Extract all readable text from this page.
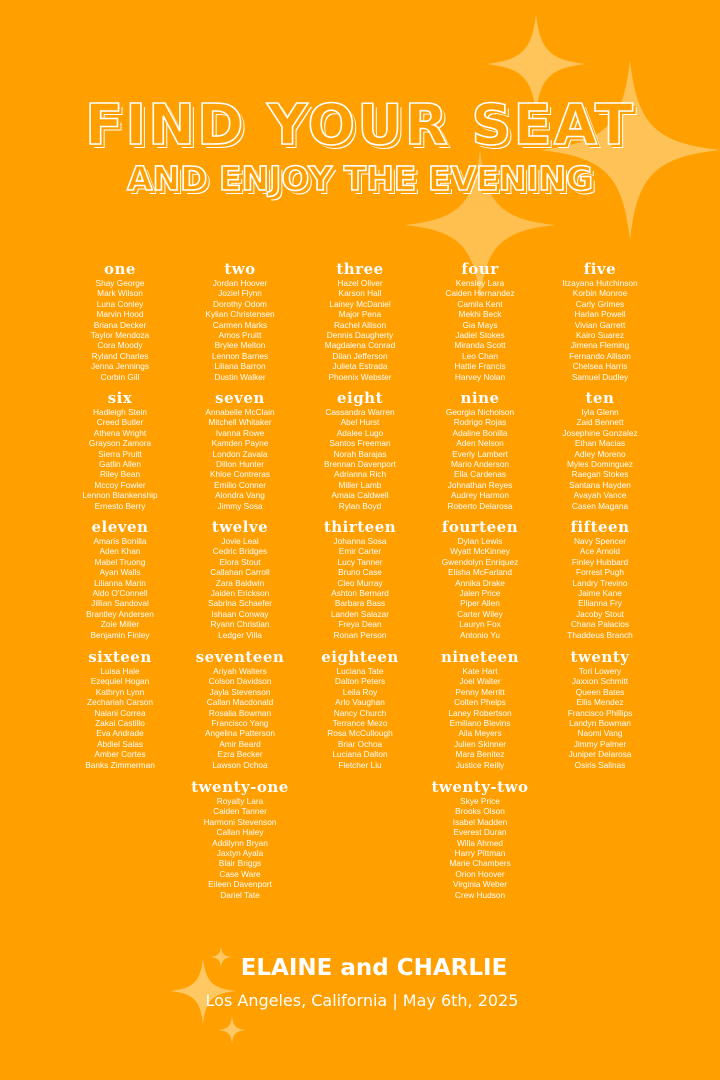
FIND YOUR SEAT
AND ENJOY THE EVENING
one
Shay George
Mark Wilson
Luna Conley
Marvin Hood
Briana Decker
Taylor Mendoza
Cora Moody
Ryland Charles
Jenna Jennings
Corbin Gill
two
Jordan Hoover
Joziel Flynn
Dorothy Odom
Kylian Christensen
Carmen Marks
Amos Pruitt
Brylee Melton
Lennon Barnes
Liliana Barron
Dustin Walker
three
Hazel Oliver
Karson Hall
Lainey McDaniel
Major Pena
Rachel Allison
Dennis Daugherty
Magdalena Conrad
Dilan Jefferson
Julieta Estrada
Phoenix Webster
four
Kensley Lara
Caiden Hernandez
Camila Kent
Mekhi Beck
Gia Mays
Jadiel Stokes
Miranda Scott
Leo Chan
Hattie Francis
Harvey Nolan
five
Itzayana Hutchinson
Korbin Monroe
Carly Grimes
Harlan Powell
Vivian Garrett
Kairo Suarez
Jimena Fleming
Fernando Allison
Chelsea Harris
Samuel Dudley
six
Hadleigh Stein
Creed Butler
Athena Wright
Grayson Zamora
Sierra Pruitt
Gatlin Allen
Riley Bean
Mccoy Fowler
Lennon Blankenship
Ernesto Berry
seven
Annabelle McClain
Mitchell Whitaker
Ivanna Rowe
Kamden Payne
London Zavala
Dillon Hunter
Khloe Contreras
Emilio Conner
Alondra Vang
Jimmy Sosa
eight
Cassandra Warren
Abel Hurst
Adalee Lugo
Santos Freeman
Norah Barajas
Brennan Davenport
Adrianna Rich
Miller Lamb
Amaia Caldwell
Rylan Boyd
nine
Georgia Nicholson
Rodrigo Rojas
Adaline Bonilla
Aden Nelson
Everly Lambert
Mario Anderson
Ella Cardenas
Johnathan Reyes
Audrey Harmon
Roberto Delarosa
ten
Iyla Glenn
Zaid Bennett
Josephine Gonzalez
Ethan Macias
Adley Moreno
Myles Dominguez
Raegan Stokes
Santana Hayden
Avayah Vance
Casen Magana
eleven
Amaris Bonilla
Aden Khan
Mabel Truong
Ayan Walls
Lilianna Marin
Aldo O'Connell
Jillian Sandoval
Brantley Andersen
Zoie Miller
Benjamin Finley
twelve
Jovie Leal
Cedric Bridges
Elora Stout
Callahan Carroll
Zara Baldwin
Jaiden Erickson
Sabrina Schaefer
Ishaan Conway
Ryann Christian
Ledger Villa
thirteen
Johanna Sosa
Emir Carter
Lucy Tanner
Bruno Case
Cleo Murray
Ashton Bernard
Barbara Bass
Landen Salazar
Freya Dean
Ronan Person
fourteen
Dylan Lewis
Wyatt McKinney
Gwendolyn Enriquez
Elisha McFarland
Annika Drake
Jalen Price
Piper Allen
Carter Wiley
Lauryn Fox
Antonio Yu
fifteen
Navy Spencer
Ace Arnold
Finley Hubbard
Forrest Pugh
Landry Trevino
Jaime Kane
Ellianna Fry
Jacoby Stout
Chana Palacios
Thaddeus Branch
sixteen
Luisa Hale
Ezequiel Hogan
Kathryn Lynn
Zechariah Carson
Nalani Correa
Zakai Castillo
Eva Andrade
Abdiel Salas
Amber Cortes
Banks Zimmerman
seventeen
Ariyah Walters
Colson Davidson
Jayla Stevenson
Callan Macdonald
Rosalia Bowman
Francisco Yang
Angelina Patterson
Amir Beard
Ezra Becker
Lawson Ochoa
eighteen
Luciana Tate
Dalton Peters
Leila Roy
Arlo Vaughan
Nancy Church
Terrance Mezo
Rosa McCullough
Briar Ochoa
Luciana Dalton
Fletcher Liu
nineteen
Kate Hart
Joel Walter
Penny Merritt
Colten Phelps
Laney Robertson
Emiliano Blevins
Aila Meyers
Julien Skinner
Mara Benitez
Justice Reilly
twenty
Tori Lowery
Jaxxon Schmitt
Queen Bates
Ellis Mendez
Francisco Phillips
Landyn Bowman
Naomi Vang
Jimmy Palmer
Juniper Delarosa
Osiris Salinas
twenty-one
Royalty Lara
Caiden Tanner
Harmoni Stevenson
Callan Haley
Addilynn Bryan
Jaxtyn Ayala
Blair Briggs
Case Ware
Eileen Davenport
Dariel Tate
twenty-two
Skye Price
Brooks Olson
Isabel Madden
Everest Duran
Willa Ahmed
Harry Pittman
Marie Chambers
Orion Hoover
Virginia Weber
Crew Hudson
ELAINE and CHARLIE
Los Angeles, California | May 6th, 2025
